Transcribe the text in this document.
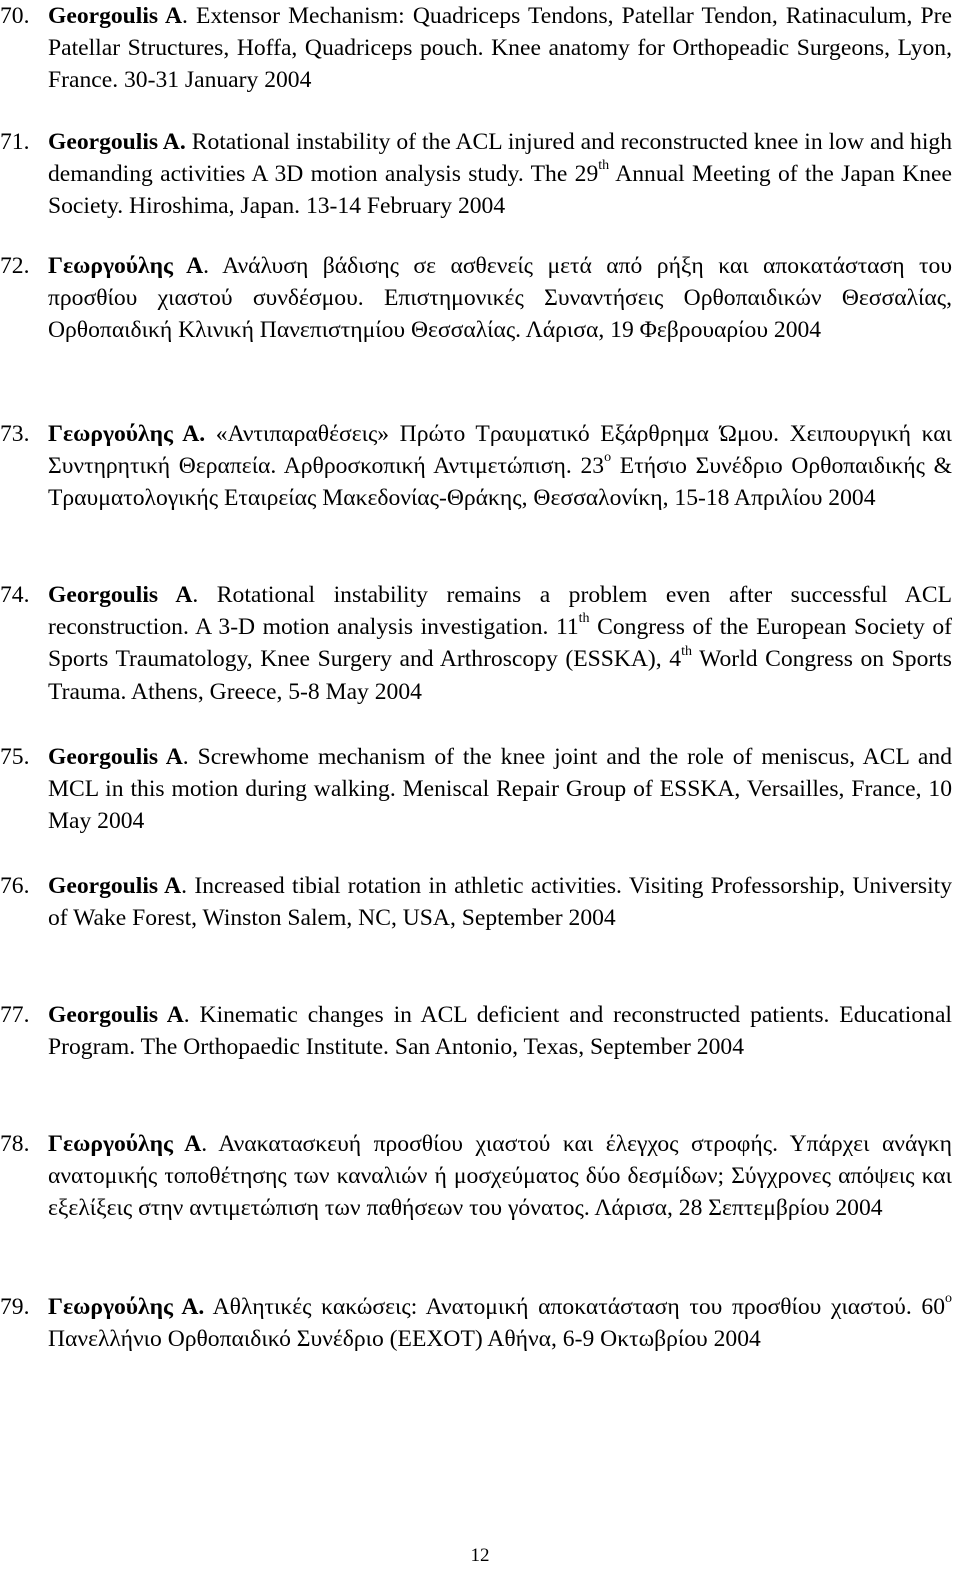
70. Georgoulis A. Extensor Mechanism: Quadriceps Tendons, Patellar Tendon, Ratinaculum, Pre Patellar Structures, Hoffa, Quadriceps pouch. Knee anatomy for Orthopeadic Surgeons, Lyon, France. 30-31 January 2004
71. Georgoulis A. Rotational instability of the ACL injured and reconstructed knee in low and high demanding activities A 3D motion analysis study. The 29th Annual Meeting of the Japan Knee Society. Hiroshima, Japan. 13-14 February 2004
72. Γεωργούλης Α. Ανάλυση βάδισης σε ασθενείς μετά από ρήξη και αποκατάσταση του προσθίου χιαστού συνδέσμου. Επιστημονικές Συναντήσεις Ορθοπαιδικών Θεσσαλίας, Ορθοπαιδική Κλινική Πανεπιστημίου Θεσσαλίας. Λάρισα, 19 Φεβρουαρίου 2004
73. Γεωργούλης Α. «Αντιπαραθέσεις» Πρώτο Τραυματικό Εξάρθρημα Ώμου. Χειπουργική και Συντηρητική Θεραπεία. Αρθροσκοπική Αντιμετώπιση. $23^o$ Ετήσιο Συνέδριο Ορθοπαιδικής & Τραυματολογικής Εταιρείας Μακεδονίας-Θράκης, Θεσσαλονίκη, 15-18 Απριλίου 2004
74. Georgoulis A. Rotational instability remains a problem even after successful ACL reconstruction. A 3-D motion analysis investigation. 11th Congress of the European Society of Sports Traumatology, Knee Surgery and Arthroscopy (ESSKA), 4th World Congress on Sports Trauma. Athens, Greece, 5-8 May 2004
75. Georgoulis A. Screwhome mechanism of the knee joint and the role of meniscus, ACL and MCL in this motion during walking. Meniscal Repair Group of ESSKA, Versailles, France, 10 May 2004
76. Georgoulis A. Increased tibial rotation in athletic activities. Visiting Professorship, University of Wake Forest, Winston Salem, NC, USA, September 2004
77. Georgoulis A. Kinematic changes in ACL deficient and reconstructed patients. Educational Program. The Orthopaedic Institute. San Antonio, Texas, September 2004
78. Γεωργούλης Α. Ανακατασκευή προσθίου χιαστού και έλεγχος στροφής. Υπάρχει ανάγκη ανατομικής τοποθέτησης των καναλιών ή μοσχεύματος δύο δεσμίδων; Σύγχρονες απόψεις και εξελίξεις στην αντιμετώπιση των παθήσεων του γόνατος. Λάρισα, 28 Σεπτεμβρίου 2004
79. Γεωργούλης Α. Αθλητικές κακώσεις: Ανατομική αποκατάσταση του προσθίου χιαστού. $60^o$ Πανελλήνιο Ορθοπαιδικό Συνέδριο (ΕΕΧΟΤ) Αθήνα, 6-9 Οκτωβρίου 2004
12
